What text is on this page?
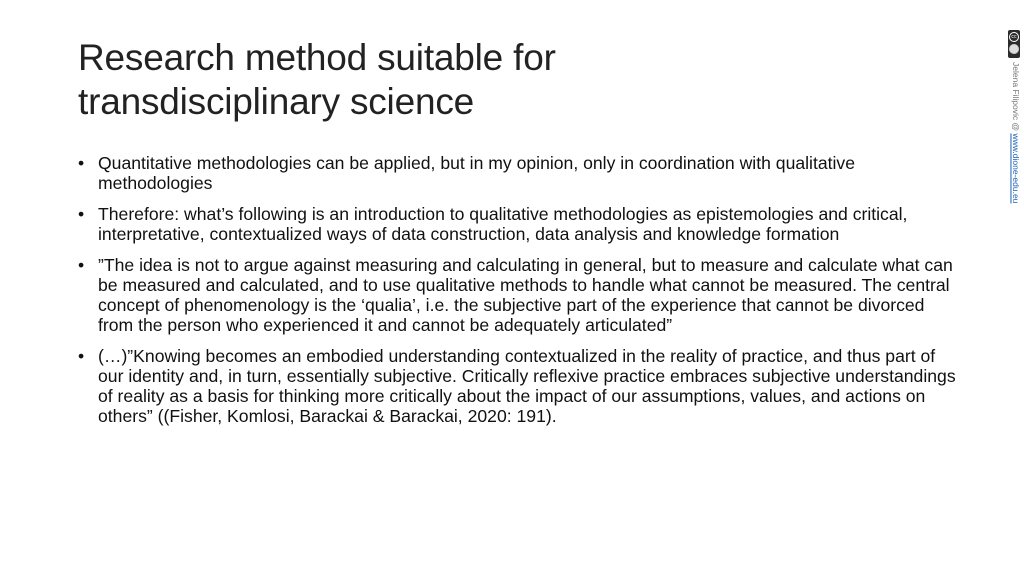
Research method suitable for
transdisciplinary science
• Quantitative methodologies can be applied, but in my opinion, only in coordination with qualitative methodologies
• Therefore: what’s following is an introduction to qualitative methodologies as epistemologies and critical, interpretative, contextualized ways of data construction, data analysis and knowledge formation
• ”The idea is not to argue against measuring and calculating in general, but to measure and calculate what can be measured and calculated, and to use qualitative methods to handle what cannot be measured. The central concept of phenomenology is the ‘qualia’, i.e. the subjective part of the experience that cannot be divorced from the person who experienced it and cannot be adequately articulated”
• (…)”Knowing becomes an embodied understanding contextualized in the reality of practice, and thus part of our identity and, in turn, essentially subjective. Critically reflexive practice embraces subjective understandings of reality as a basis for thinking more critically about the impact of our assumptions, values, and actions on others” ((Fisher, Komlosi, Barackai & Barackai, 2020: 191).
cc
Jelena Filipovic @ www.dione-edu.eu
